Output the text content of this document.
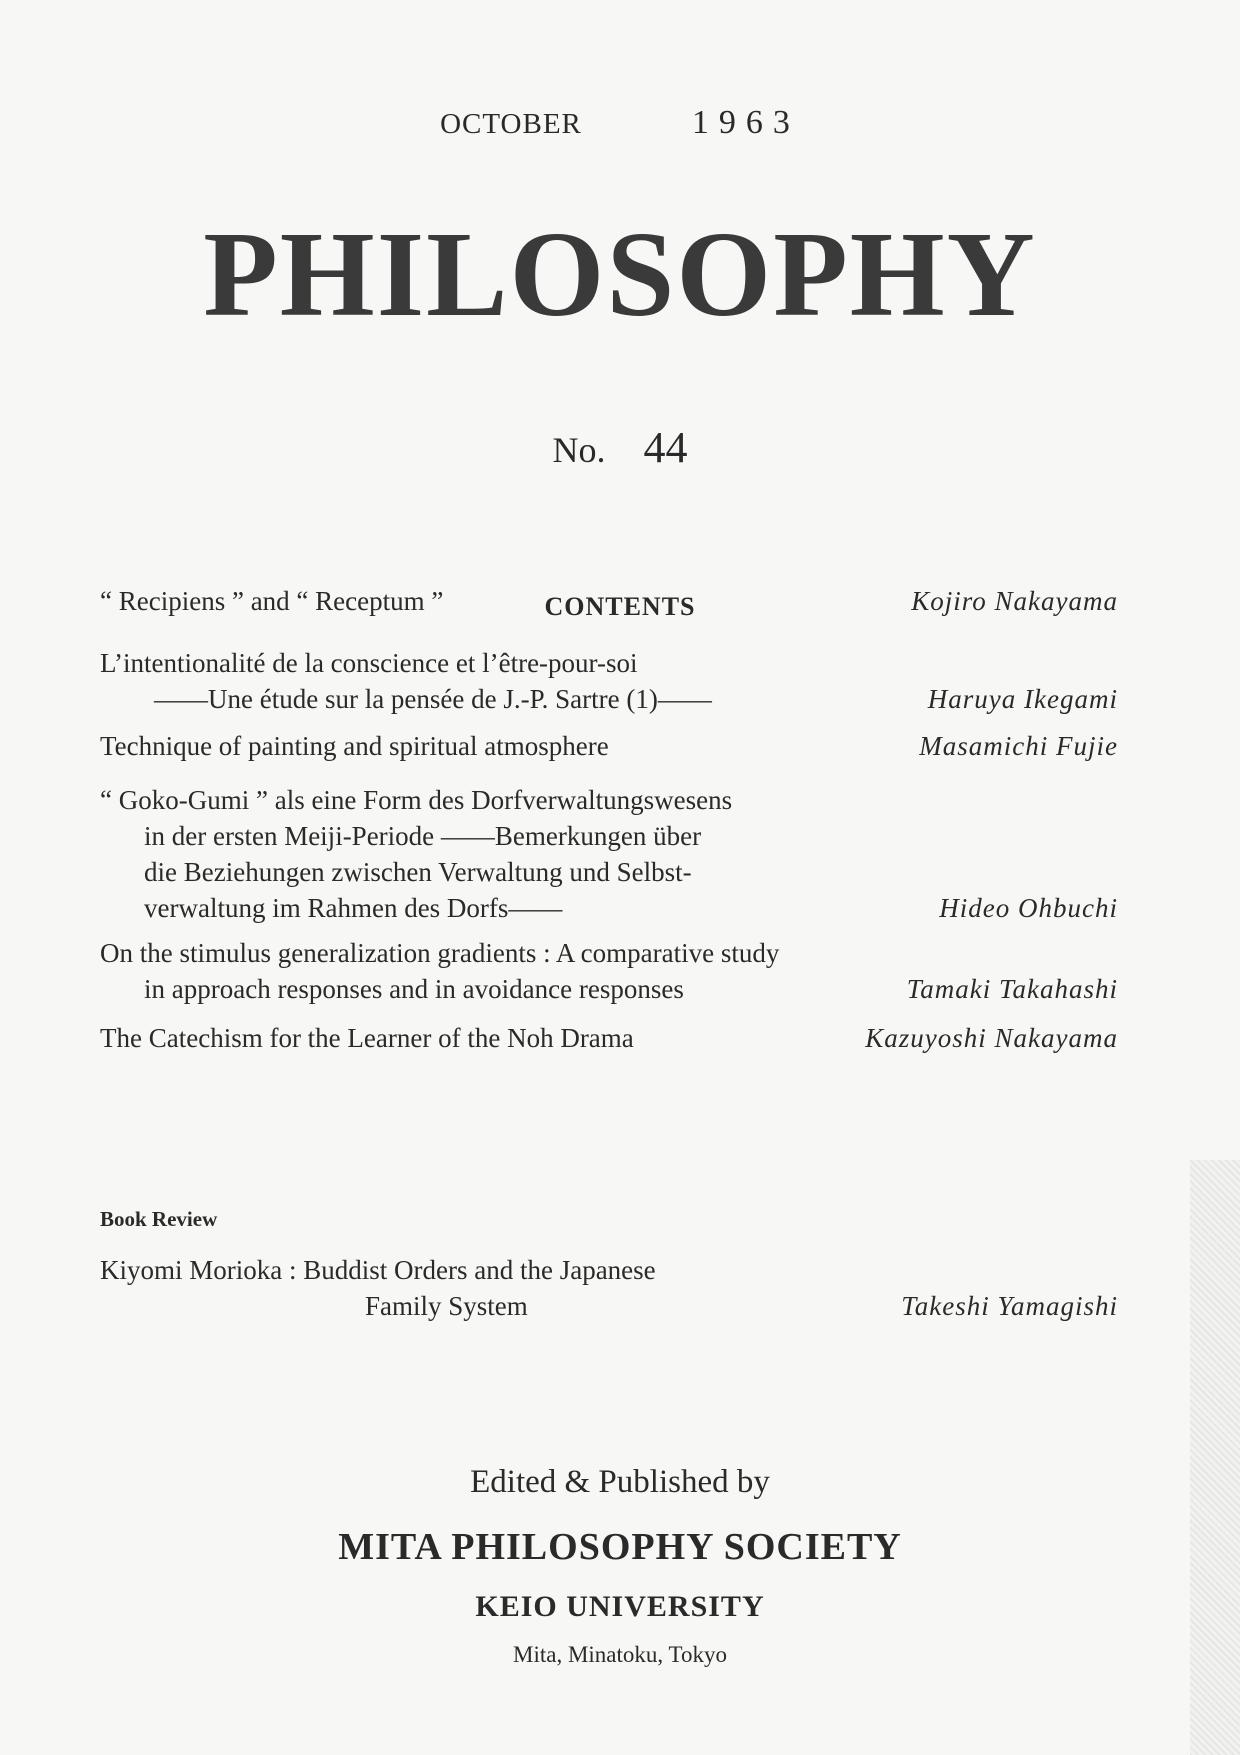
OCTOBER	1963
PHILOSOPHY
No. 44
CONTENTS
“ Recipiens ” and “ Receptum ”	Kojiro Nakayama
L’intentionalité de la conscience et l’être-pour-soi
——Une étude sur la pensée de J.-P. Sartre (1)——	Haruya Ikegami
Technique of painting and spiritual atmosphere	Masamichi Fujie
“ Goko-Gumi ” als eine Form des Dorfverwaltungswesens
in der ersten Meiji-Periode ——Bemerkungen über
die Beziehungen zwischen Verwaltung und Selbst-
verwaltung im Rahmen des Dorfs——	Hideo Ohbuchi
On the stimulus generalization gradients : A comparative study
in approach responses and in avoidance responses	Tamaki Takahashi
The Catechism for the Learner of the Noh Drama	Kazuyoshi Nakayama
Book Review
Kiyomi Morioka : Buddist Orders and the Japanese
Family System	Takeshi Yamagishi
Edited & Published by
MITA PHILOSOPHY SOCIETY
KEIO UNIVERSITY
Mita, Minatoku, Tokyo
